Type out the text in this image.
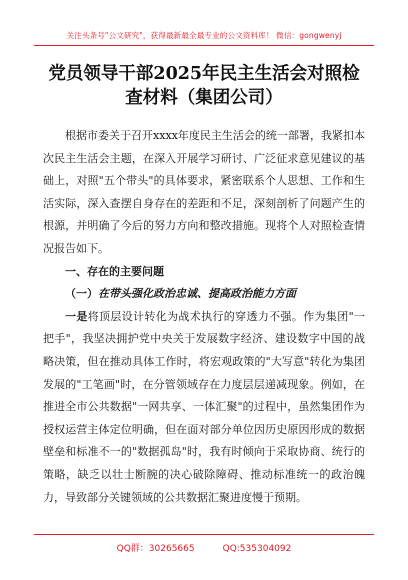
关注头条号"公文研究"，获得最新最全最专业的公文资料库！ 微信：gongwenyj
党员领导干部2025年民主生活会对照检查材料（集团公司）

根据市委关于召开xxxx年度民主生活会的统一部署，我紧扣本次民主生活会主题，在深入开展学习研讨、广泛征求意见建议的基础上，对照"五个带头"的具体要求，紧密联系个人思想、工作和生活实际，深入查摆自身存在的差距和不足，深刻剖析了问题产生的根源，并明确了今后的努力方向和整改措施。现将个人对照检查情况报告如下。

一、存在的主要问题

（一）在带头强化政治忠诚、提高政治能力方面

一是将顶层设计转化为战术执行的穿透力不强。作为集团"一把手"，我坚决拥护党中央关于发展数字经济、建设数字中国的战略决策，但在推动具体工作时，将宏观政策的"大写意"转化为集团发展的"工笔画"时，在分管领域存在力度层层递减现象。例如，在推进全市公共数据"一网共享、一体汇聚"的过程中，虽然集团作为授权运营主体定位明确，但在面对部分单位因历史原因形成的数据壁垒和标准不一的"数据孤岛"时，我有时倾向于采取协商、统行的策略，缺乏以壮士断腕的决心破除障碍、推动标准统一的政治魄力，导致部分关键领域的公共数据汇聚进度慢于预期。

QQ群：30265665	QQ:535304092
